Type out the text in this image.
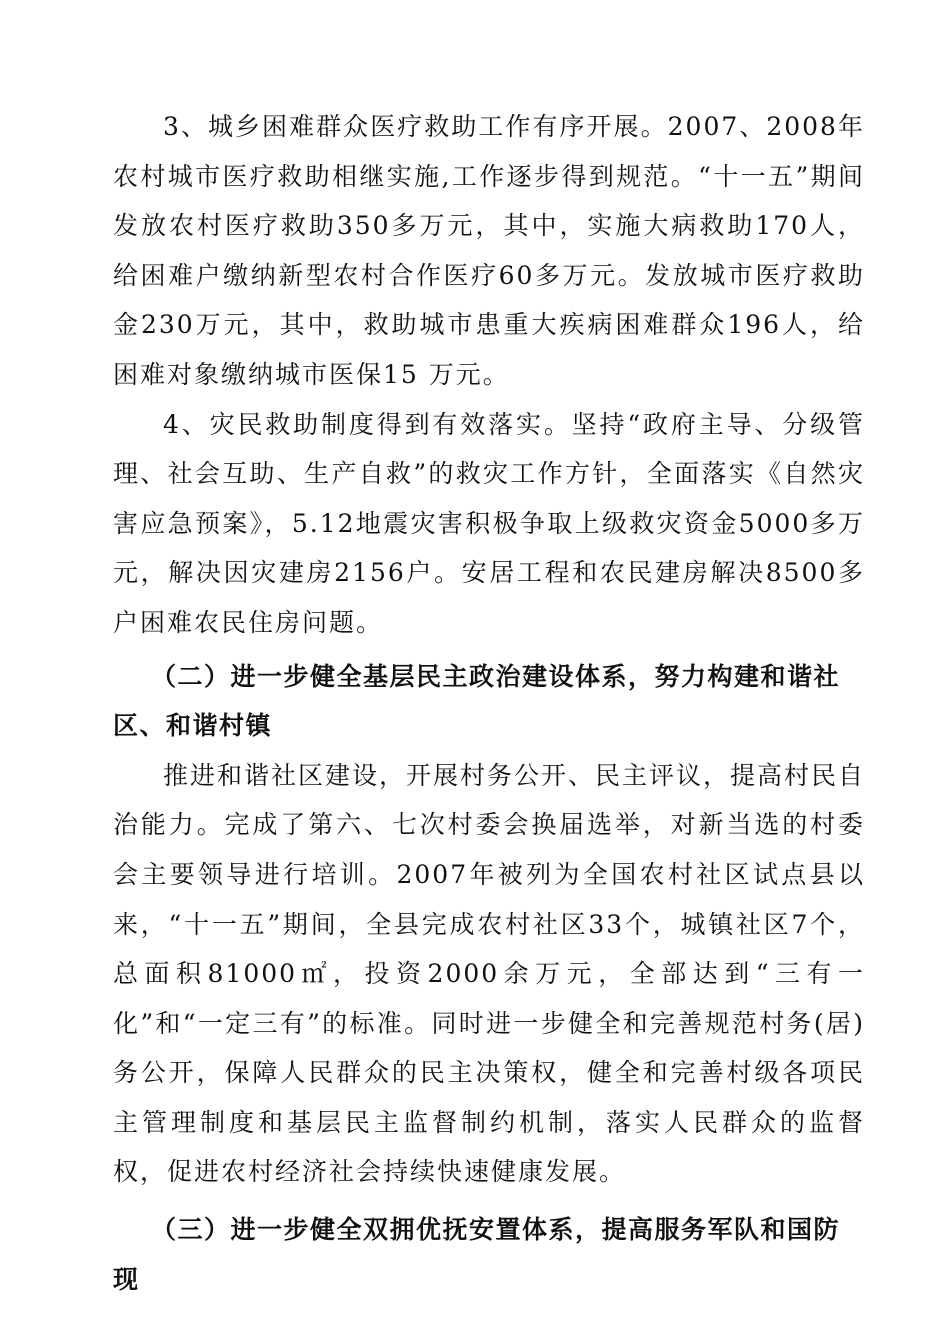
3、城乡困难群众医疗救助工作有序开展。2007、2008年农村城市医疗救助相继实施,工作逐步得到规范。“十一五”期间发放农村医疗救助350多万元，其中，实施大病救助170人，给困难户缴纳新型农村合作医疗60多万元。发放城市医疗救助金230万元，其中，救助城市患重大疾病困难群众196人，给困难对象缴纳城市医保15 万元。

4、灾民救助制度得到有效落实。坚持“政府主导、分级管理、社会互助、生产自救”的救灾工作方针，全面落实《自然灾害应急预案》，5.12地震灾害积极争取上级救灾资金5000多万元，解决因灾建房2156户。安居工程和农民建房解决8500多户困难农民住房问题。

（二）进一步健全基层民主政治建设体系，努力构建和谐社区、和谐村镇

推进和谐社区建设，开展村务公开、民主评议，提高村民自治能力。完成了第六、七次村委会换届选举，对新当选的村委会主要领导进行培训。2007年被列为全国农村社区试点县以来，“十一五”期间，全县完成农村社区33个，城镇社区7个，总面积81000㎡，投资2000余万元，全部达到“三有一化”和“一定三有”的标准。同时进一步健全和完善规范村务(居)务公开，保障人民群众的民主决策权，健全和完善村级各项民主管理制度和基层民主监督制约机制，落实人民群众的监督权，促进农村经济社会持续快速健康发展。

（三）进一步健全双拥优抚安置体系，提高服务军队和国防现
